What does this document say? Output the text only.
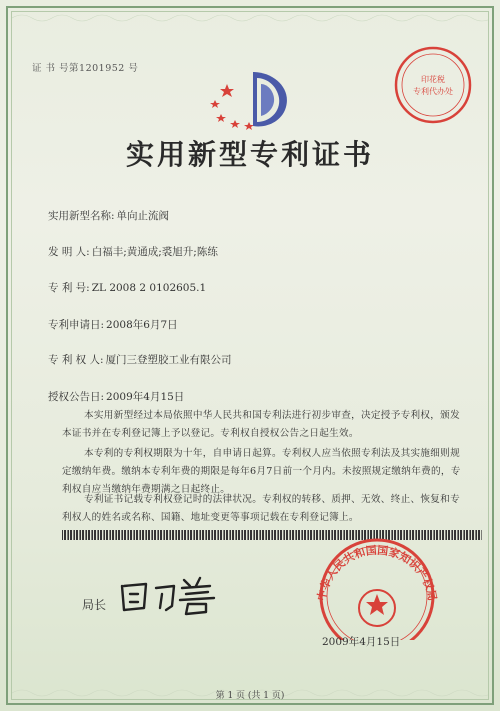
证 书 号第1201952 号
印花税
专利代办处
实用新型专利证书
实用新型名称: 单向止流阀
发 明 人: 白福丰;黄通成;裘旭升;陈练
专 利 号: ZL 2008 2 0102605.1
专利申请日: 2008年6月7日
专 利 权 人: 厦门三登塑胶工业有限公司
授权公告日: 2009年4月15日

本实用新型经过本局依照中华人民共和国专利法进行初步审查，决定授予专利权，颁发本证书并在专利登记簿上予以登记。专利权自授权公告之日起生效。

本专利的专利权期限为十年，自申请日起算。专利权人应当依照专利法及其实施细则规定缴纳年费。缴纳本专利年费的期限是每年6月7日前一个月内。未按照规定缴纳年费的，专利权自应当缴纳年费期满之日起终止。

专利证书记载专利权登记时的法律状况。专利权的转移、质押、无效、终止、恢复和专利权人的姓名或名称、国籍、地址变更等事项记载在专利登记簿上。

局长
中华人民共和国国家知识产权局
2009年4月15日
第 1 页 (共 1 页)
